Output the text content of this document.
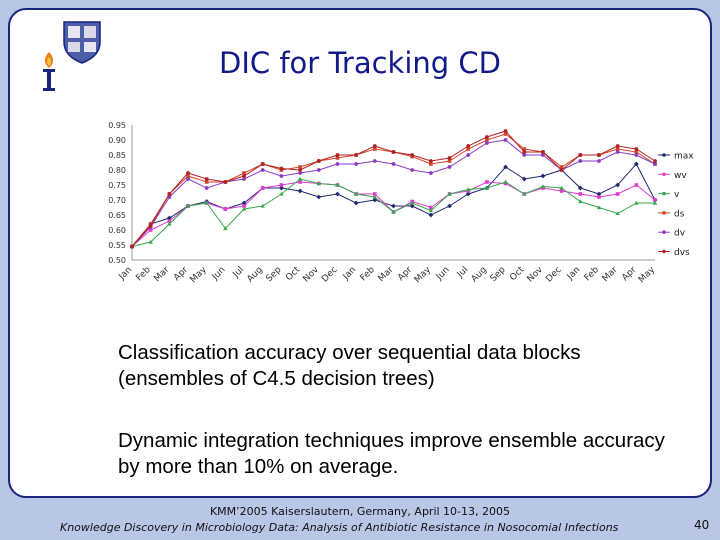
DIC for Tracking CD
0.50
0.55
0.60
0.65
0.70
0.75
0.80
0.85
0.90
0.95
Jan Feb Mar Apr
May Jun Jul Aug Sep Oct Nov Dec Jan Feb Mar Apr
May Jun Jul Aug Sep Oct Nov Dec Jan Feb Mar Apr
May
max
wv
v
ds
dv
dvs
Classification accuracy over sequential data blocks (ensembles of C4.5 decision trees)
Dynamic integration techniques improve ensemble accuracy by more than 10% on average.
KMM’2005 Kaiserslautern, Germany, April 10-13, 2005
Knowledge Discovery in Microbiology Data: Analysis of Antibiotic Resistance in Nosocomial Infections	40
